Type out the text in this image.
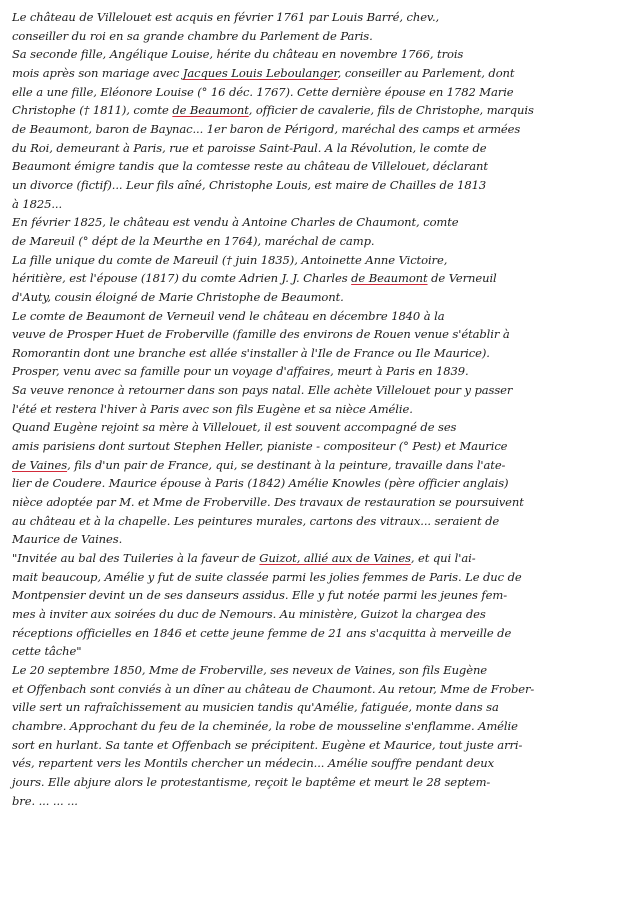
Le château de Villelouet est acquis en février 1761 par Louis Barré, chev.,
conseiller du roi en sa grande chambre du Parlement de Paris.
Sa seconde fille, Angélique Louise, hérite du château en novembre 1766, trois
mois après son mariage avec Jacques Louis Leboulanger, conseiller au Parlement, dont
elle a une fille, Eléonore Louise (° 16 déc. 1767). Cette dernière épouse en 1782 Marie
Christophe († 1811), comte de Beaumont, officier de cavalerie, fils de Christophe, marquis
de Beaumont, baron de Baynac... 1er baron de Périgord, maréchal des camps et armées
du Roi, demeurant à Paris, rue et paroisse Saint-Paul. A la Révolution, le comte de
Beaumont émigre tandis que la comtesse reste au château de Villelouet, déclarant
un divorce (fictif)... Leur fils aîné, Christophe Louis, est maire de Chailles de 1813
à 1825...
En février 1825, le château est vendu à Antoine Charles de Chaumont, comte
de Mareuil (° dépt de la Meurthe en 1764), maréchal de camp.
La fille unique du comte de Mareuil († juin 1835), Antoinette Anne Victoire,
héritière, est l'épouse (1817) du comte Adrien J. J. Charles de Beaumont de Verneuil
d'Auty, cousin éloigné de Marie Christophe de Beaumont.
Le comte de Beaumont de Verneuil vend le château en décembre 1840 à la
veuve de Prosper Huet de Froberville (famille des environs de Rouen venue s'établir à
Romorantin dont une branche est allée s'installer à l'Ile de France ou Ile Maurice).
Prosper, venu avec sa famille pour un voyage d'affaires, meurt à Paris en 1839.
Sa veuve renonce à retourner dans son pays natal. Elle achète Villelouet pour y passer
l'été et restera l'hiver à Paris avec son fils Eugène et sa nièce Amélie.
Quand Eugène rejoint sa mère à Villelouet, il est souvent accompagné de ses
amis parisiens dont surtout Stephen Heller, pianiste - compositeur (° Pest) et Maurice
de Vaines, fils d'un pair de France, qui, se destinant à la peinture, travaille dans l'ate-
lier de Coudere. Maurice épouse à Paris (1842) Amélie Knowles (père officier anglais)
nièce adoptée par M. et Mme de Froberville. Des travaux de restauration se poursuivent
au château et à la chapelle. Les peintures murales, cartons des vitraux... seraient de
Maurice de Vaines.
"Invitée au bal des Tuileries à la faveur de Guizot, allié aux de Vaines, et qui l'ai-
mait beaucoup, Amélie y fut de suite classée parmi les jolies femmes de Paris. Le duc de
Montpensier devint un de ses danseurs assidus. Elle y fut notée parmi les jeunes fem-
mes à inviter aux soirées du duc de Nemours. Au ministère, Guizot la chargea des
réceptions officielles en 1846 et cette jeune femme de 21 ans s'acquitta à merveille de
cette tâche"
Le 20 septembre 1850, Mme de Froberville, ses neveux de Vaines, son fils Eugène
et Offenbach sont conviés à un dîner au château de Chaumont. Au retour, Mme de Frober-
ville sert un rafraîchissement au musicien tandis qu'Amélie, fatiguée, monte dans sa
chambre. Approchant du feu de la cheminée, la robe de mousseline s'enflamme. Amélie
sort en hurlant. Sa tante et Offenbach se précipitent. Eugène et Maurice, tout juste arri-
vés, repartent vers les Montils chercher un médecin... Amélie souffre pendant deux
jours. Elle abjure alors le protestantisme, reçoit le baptême et meurt le 28 septem-
bre. ... ... ...
